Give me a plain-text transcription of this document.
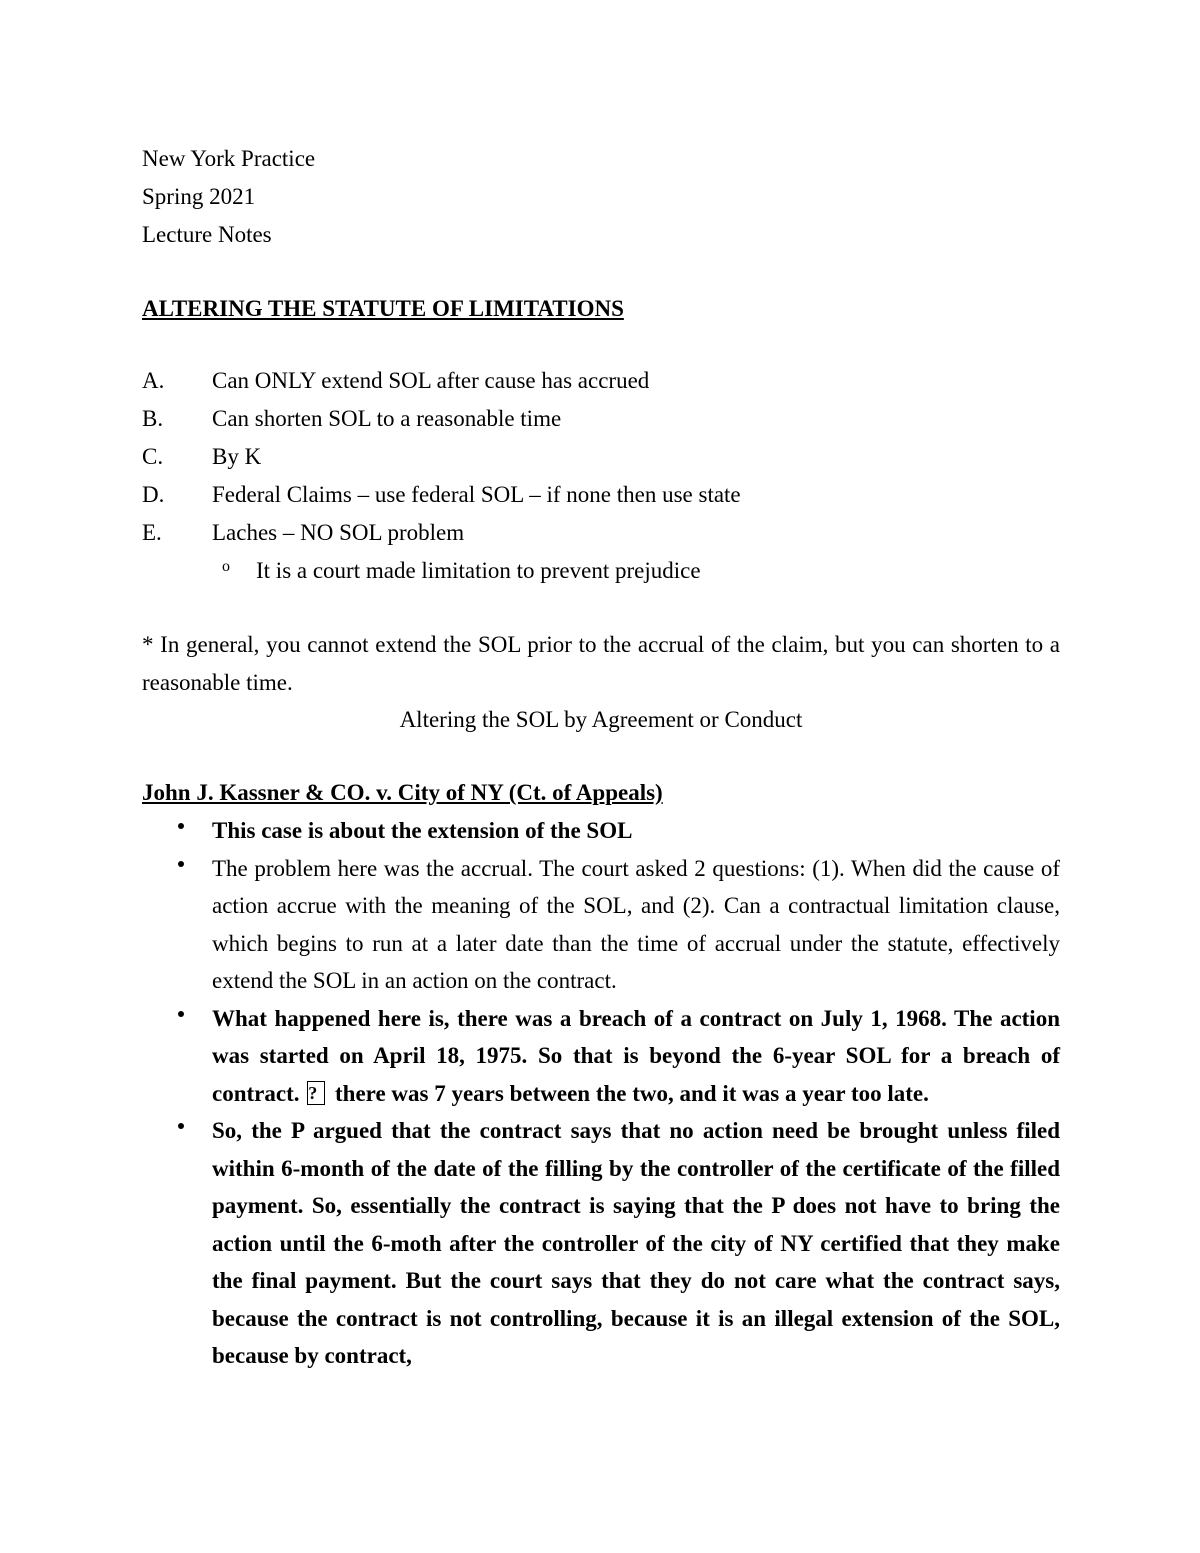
New York Practice
Spring 2021
Lecture Notes
ALTERING THE STATUTE OF LIMITATIONS
A.	Can ONLY extend SOL after cause has accrued
B.	Can shorten SOL to a reasonable time
C.	By K
D.	Federal Claims – use federal SOL – if none then use state
E.	Laches – NO SOL problem
o	It is a court made limitation to prevent prejudice
* In general, you cannot extend the SOL prior to the accrual of the claim, but you can shorten to a reasonable time.
Altering the SOL by Agreement or Conduct
John J. Kassner & CO. v. City of NY (Ct. of Appeals)
This case is about the extension of the SOL
The problem here was the accrual. The court asked 2 questions: (1). When did the cause of action accrue with the meaning of the SOL, and (2). Can a contractual limitation clause, which begins to run at a later date than the time of accrual under the statute, effectively extend the SOL in an action on the contract.
What happened here is, there was a breach of a contract on July 1, 1968. The action was started on April 18, 1975. So that is beyond the 6-year SOL for a breach of contract. ? there was 7 years between the two, and it was a year too late.
So, the P argued that the contract says that no action need be brought unless filed within 6-month of the date of the filling by the controller of the certificate of the filled payment. So, essentially the contract is saying that the P does not have to bring the action until the 6-moth after the controller of the city of NY certified that they make the final payment. But the court says that they do not care what the contract says, because the contract is not controlling, because it is an illegal extension of the SOL, because by contract,
